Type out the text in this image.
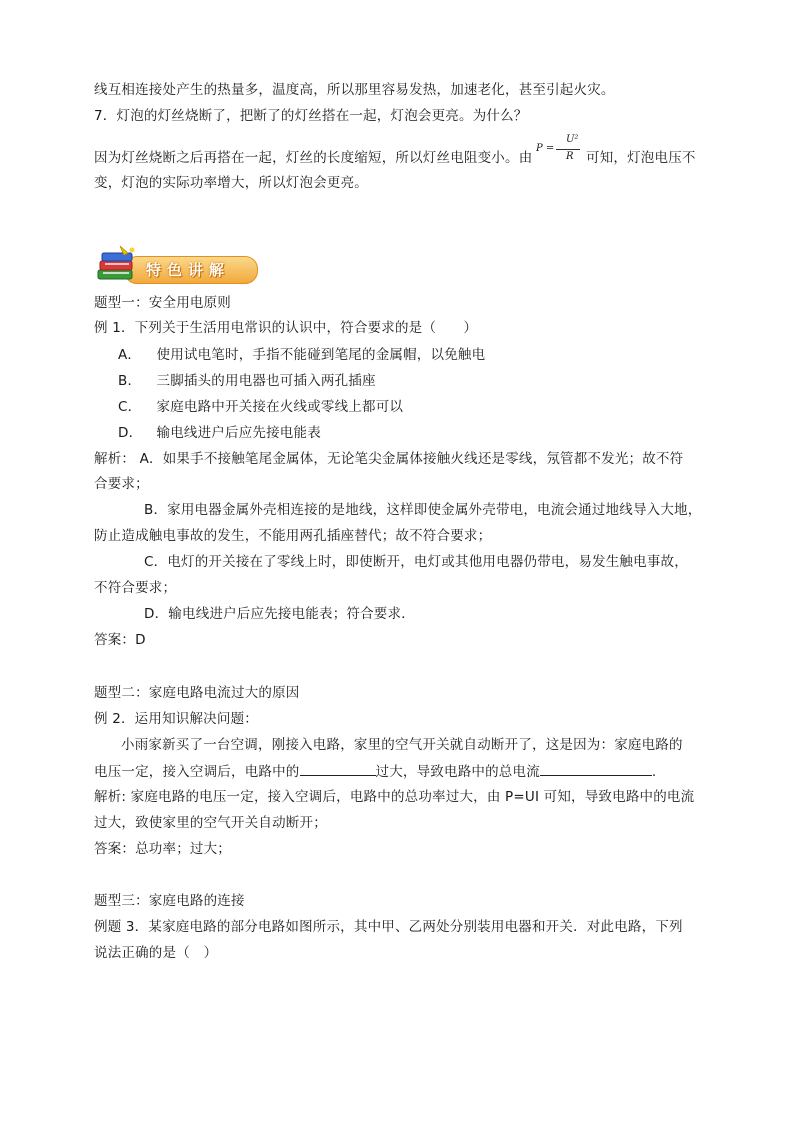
线互相连接处产生的热量多，温度高，所以那里容易发热，加速老化，甚至引起火灾。
7．灯泡的灯丝烧断了，把断了的灯丝搭在一起，灯泡会更亮。为什么？
因为灯丝烧断之后再搭在一起，灯丝的长度缩短，所以灯丝电阻变小。由
P =
U²
R 可知，灯泡电压不
变，灯泡的实际功率增大，所以灯泡会更亮。
特色讲解
题型一：安全用电原则
例 1．下列关于生活用电常识的认识中，符合要求的是（　　）
A． 使用试电笔时，手指不能碰到笔尾的金属帽，以免触电
B． 三脚插头的用电器也可插入两孔插座
C． 家庭电路中开关接在火线或零线上都可以
D． 输电线进户后应先接电能表
解析： A．如果手不接触笔尾金属体，无论笔尖金属体接触火线还是零线，氖管都不发光；故不符
合要求；
B．家用电器金属外壳相连接的是地线，这样即使金属外壳带电，电流会通过地线导入大地，
防止造成触电事故的发生，不能用两孔插座替代；故不符合要求；
C．电灯的开关接在了零线上时，即使断开，电灯或其他用电器仍带电，易发生触电事故，
不符合要求；
D．输电线进户后应先接电能表；符合要求．
答案：D
题型二：家庭电路电流过大的原因
例 2．运用知识解决问题：
小雨家新买了一台空调，刚接入电路，家里的空气开关就自动断开了，这是因为：家庭电路的
电压一定，接入空调后，电路中的	过大，导致电路中的总电流	.
解析: 家庭电路的电压一定，接入空调后，电路中的总功率过大，由 P=UI 可知，导致电路中的电流
过大，致使家里的空气开关自动断开；
答案：总功率；过大；
题型三：家庭电路的连接
例题 3．某家庭电路的部分电路如图所示，其中甲、乙两处分别装用电器和开关．对此电路，下列
说法正确的是（　）
